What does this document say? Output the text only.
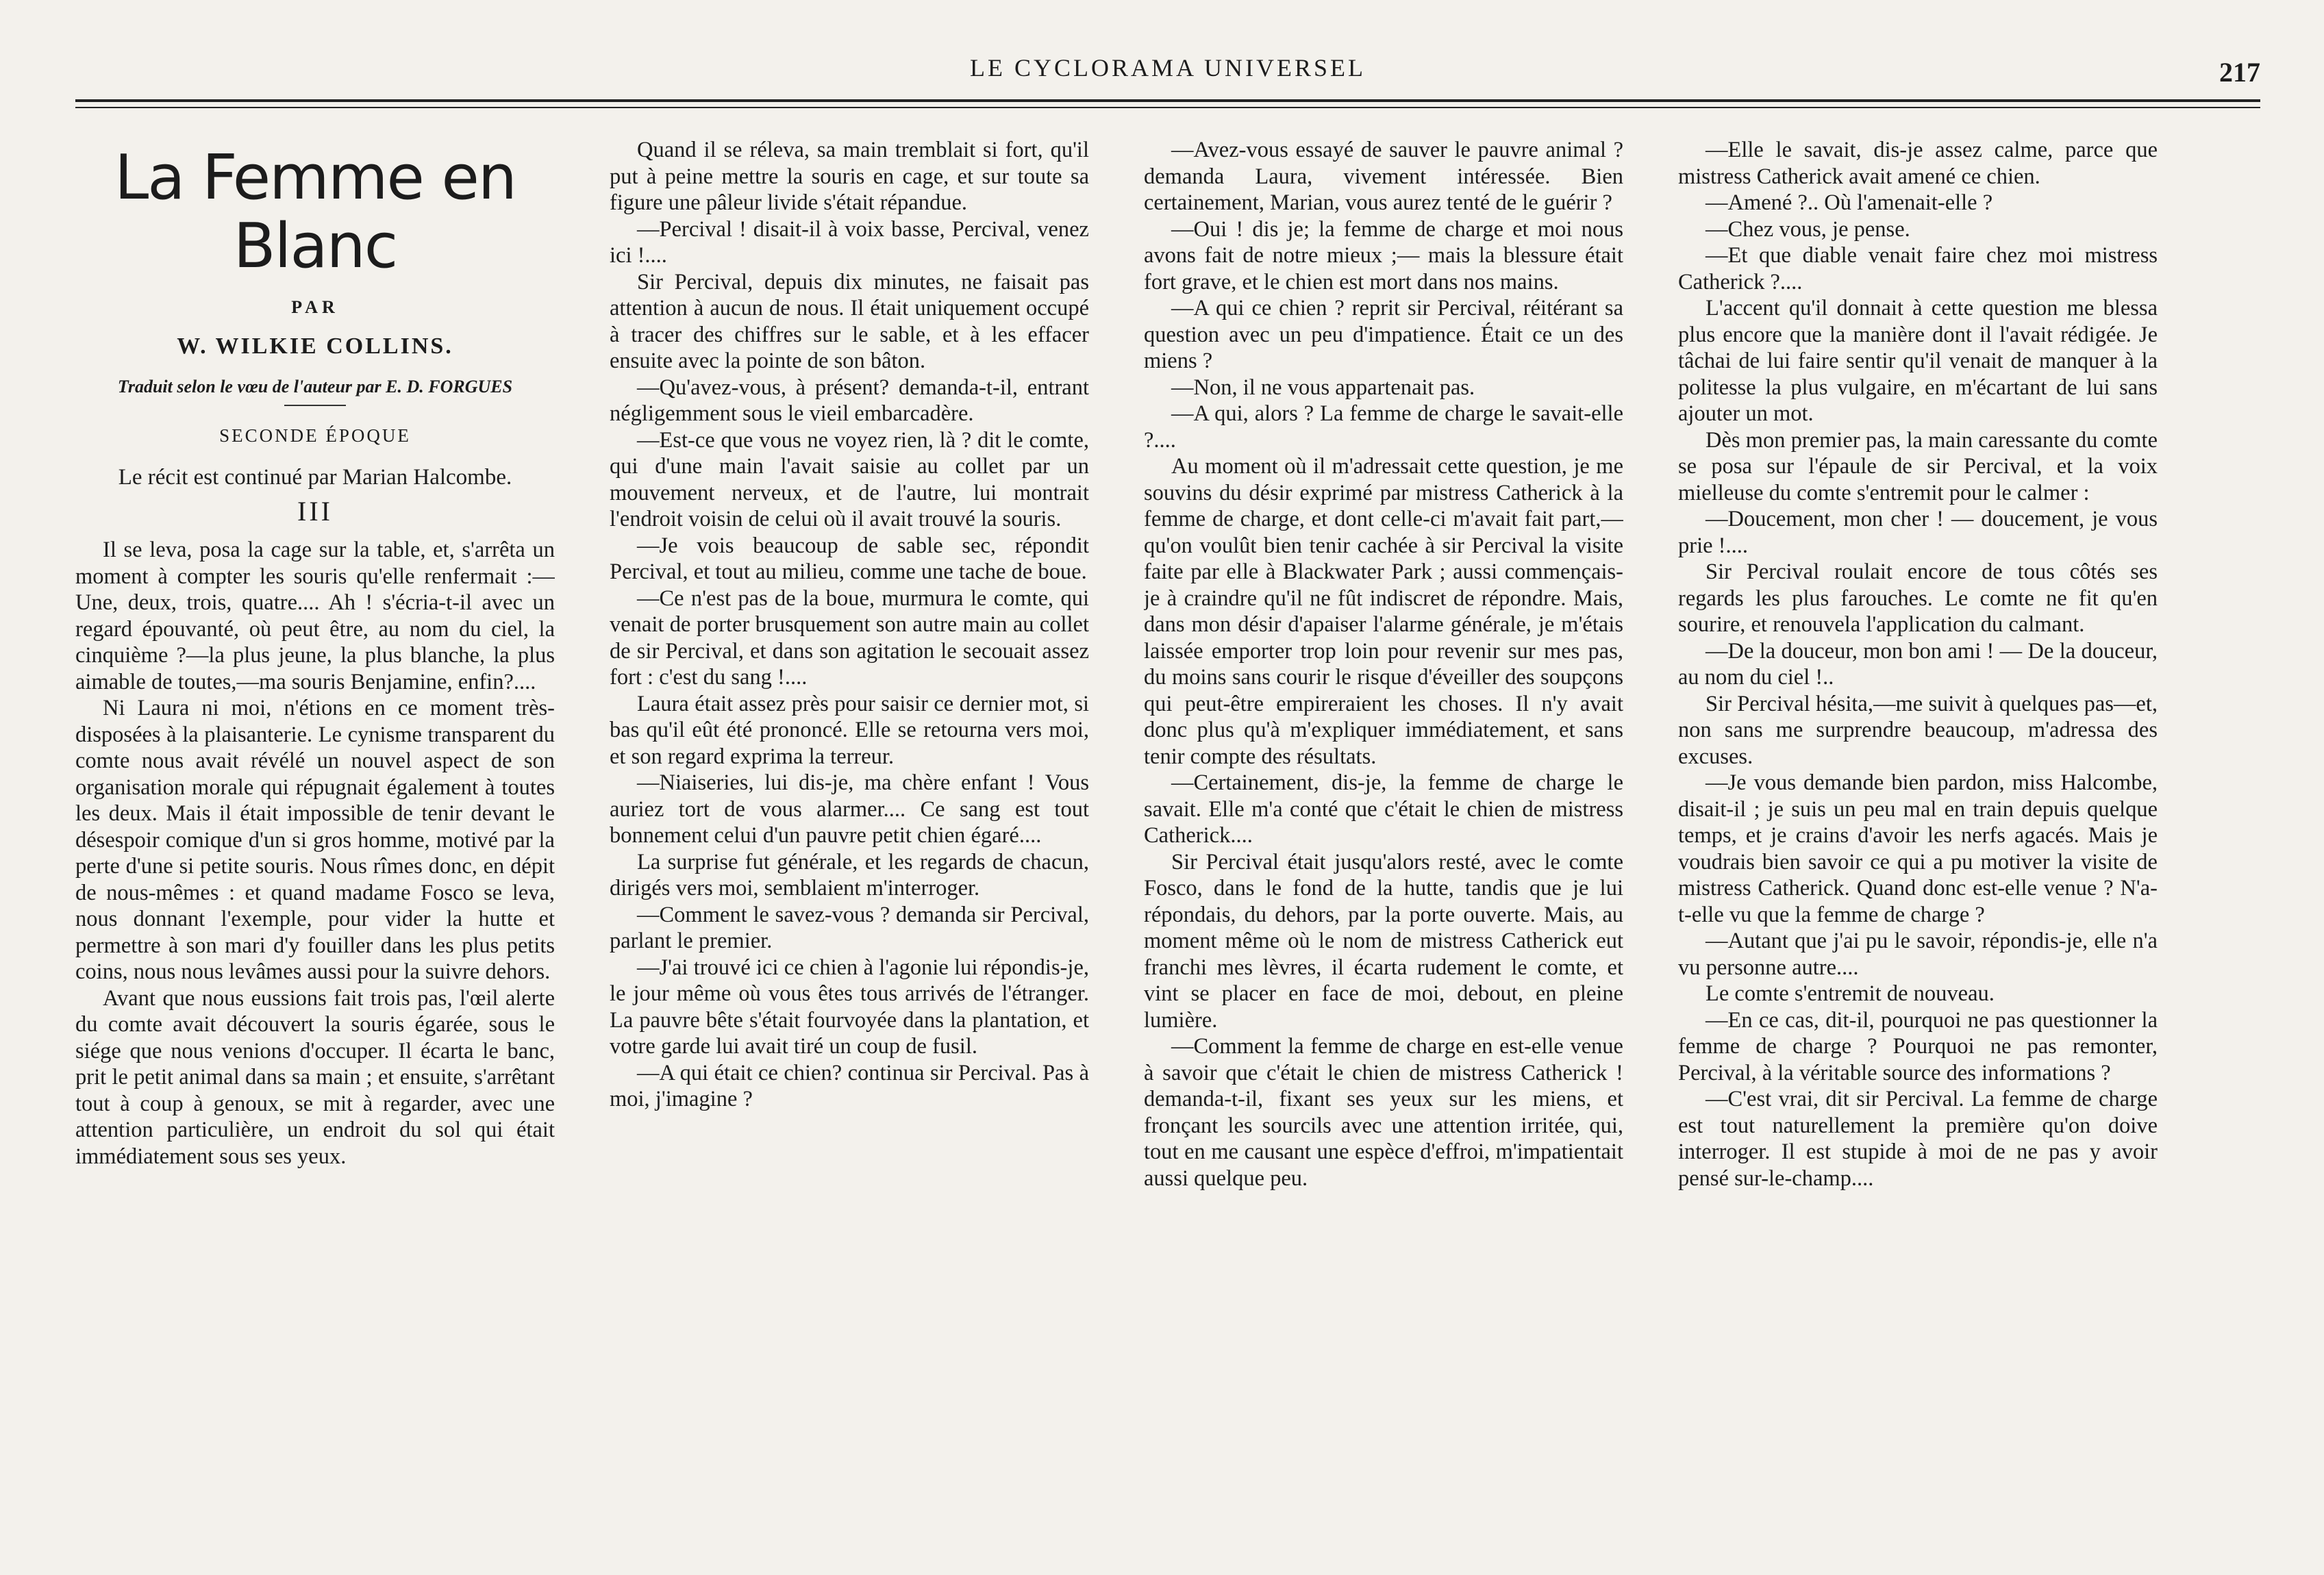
LE CYCLORAMA UNIVERSEL	217
La Femme en Blanc
PAR
W. WILKIE COLLINS.
Traduit selon le vœu de l'auteur par E. D. FORGUES
SECONDE ÉPOQUE
Le récit est continué par Marian Halcombe.
III

Il se leva, posa la cage sur la table, et, s'arrêta un moment à compter les souris qu'elle renfermait :—Une, deux, trois, quatre.... Ah ! s'écria-t-il avec un regard épouvanté, où peut être, au nom du ciel, la cinquième ?—la plus jeune, la plus blanche, la plus aimable de toutes,—ma souris Benjamine, enfin?....

Ni Laura ni moi, n'étions en ce moment très-disposées à la plaisanterie. Le cynisme transparent du comte nous avait révélé un nouvel aspect de son organisation morale qui répugnait également à toutes les deux. Mais il était impossible de tenir devant le désespoir comique d'un si gros homme, motivé par la perte d'une si petite souris. Nous rîmes donc, en dépit de nous-mêmes : et quand madame Fosco se leva, nous donnant l'exemple, pour vider la hutte et permettre à son mari d'y fouiller dans les plus petits coins, nous nous levâmes aussi pour la suivre dehors.

Avant que nous eussions fait trois pas, l'œil alerte du comte avait découvert la souris égarée, sous le siége que nous venions d'occuper. Il écarta le banc, prit le petit animal dans sa main ; et ensuite, s'arrêtant tout à coup à genoux, se mit à regarder, avec une attention particulière, un endroit du sol qui était immédiatement sous ses yeux.

Quand il se réleva, sa main tremblait si fort, qu'il put à peine mettre la souris en cage, et sur toute sa figure une pâleur livide s'était répandue.

—Percival ! disait-il à voix basse, Percival, venez ici !....

Sir Percival, depuis dix minutes, ne faisait pas attention à aucun de nous. Il était uniquement occupé à tracer des chiffres sur le sable, et à les effacer ensuite avec la pointe de son bâton.

—Qu'avez-vous, à présent? demanda-t-il, entrant négligemment sous le vieil embarcadère.

—Est-ce que vous ne voyez rien, là ? dit le comte, qui d'une main l'avait saisie au collet par un mouvement nerveux, et de l'autre, lui montrait l'endroit voisin de celui où il avait trouvé la souris.

—Je vois beaucoup de sable sec, répondit Percival, et tout au milieu, comme une tache de boue.

—Ce n'est pas de la boue, murmura le comte, qui venait de porter brusquement son autre main au collet de sir Percival, et dans son agitation le secouait assez fort : c'est du sang !....

Laura était assez près pour saisir ce dernier mot, si bas qu'il eût été prononcé. Elle se retourna vers moi, et son regard exprima la terreur.

—Niaiseries, lui dis-je, ma chère enfant ! Vous auriez tort de vous alarmer.... Ce sang est tout bonnement celui d'un pauvre petit chien égaré....

La surprise fut générale, et les regards de chacun, dirigés vers moi, semblaient m'interroger.

—Comment le savez-vous ? demanda sir Percival, parlant le premier.

—J'ai trouvé ici ce chien à l'agonie lui répondis-je, le jour même où vous êtes tous arrivés de l'étranger. La pauvre bête s'était fourvoyée dans la plantation, et votre garde lui avait tiré un coup de fusil.

—A qui était ce chien? continua sir Percival. Pas à moi, j'imagine ?

—Avez-vous essayé de sauver le pauvre animal ? demanda Laura, vivement intéressée. Bien certainement, Marian, vous aurez tenté de le guérir ?

—Oui ! dis je; la femme de charge et moi nous avons fait de notre mieux ;— mais la blessure était fort grave, et le chien est mort dans nos mains.

—A qui ce chien ? reprit sir Percival, réitérant sa question avec un peu d'impatience. Était ce un des miens ?

—Non, il ne vous appartenait pas.

—A qui, alors ? La femme de charge le savait-elle ?....

Au moment où il m'adressait cette question, je me souvins du désir exprimé par mistress Catherick à la femme de charge, et dont celle-ci m'avait fait part,— qu'on voulût bien tenir cachée à sir Percival la visite faite par elle à Blackwater Park ; aussi commençais-je à craindre qu'il ne fût indiscret de répondre. Mais, dans mon désir d'apaiser l'alarme générale, je m'étais laissée emporter trop loin pour revenir sur mes pas, du moins sans courir le risque d'éveiller des soupçons qui peut-être empireraient les choses. Il n'y avait donc plus qu'à m'expliquer immédiatement, et sans tenir compte des résultats.

—Certainement, dis-je, la femme de charge le savait. Elle m'a conté que c'était le chien de mistress Catherick....

Sir Percival était jusqu'alors resté, avec le comte Fosco, dans le fond de la hutte, tandis que je lui répondais, du dehors, par la porte ouverte. Mais, au moment même où le nom de mistress Catherick eut franchi mes lèvres, il écarta rudement le comte, et vint se placer en face de moi, debout, en pleine lumière.

—Comment la femme de charge en est-elle venue à savoir que c'était le chien de mistress Catherick ! demanda-t-il, fixant ses yeux sur les miens, et fronçant les sourcils avec une attention irritée, qui, tout en me causant une espèce d'effroi, m'impatientait aussi quelque peu.

—Elle le savait, dis-je assez calme, parce que mistress Catherick avait amené ce chien.

—Amené ?.. Où l'amenait-elle ?

—Chez vous, je pense.

—Et que diable venait faire chez moi mistress Catherick ?....

L'accent qu'il donnait à cette question me blessa plus encore que la manière dont il l'avait rédigée. Je tâchai de lui faire sentir qu'il venait de manquer à la politesse la plus vulgaire, en m'écartant de lui sans ajouter un mot.

Dès mon premier pas, la main caressante du comte se posa sur l'épaule de sir Percival, et la voix mielleuse du comte s'entremit pour le calmer :

—Doucement, mon cher ! — doucement, je vous prie !....

Sir Percival roulait encore de tous côtés ses regards les plus farouches. Le comte ne fit qu'en sourire, et renouvela l'application du calmant.

—De la douceur, mon bon ami ! — De la douceur, au nom du ciel !..

Sir Percival hésita,—me suivit à quelques pas—et, non sans me surprendre beaucoup, m'adressa des excuses.

—Je vous demande bien pardon, miss Halcombe, disait-il ; je suis un peu mal en train depuis quelque temps, et je crains d'avoir les nerfs agacés. Mais je voudrais bien savoir ce qui a pu motiver la visite de mistress Catherick. Quand donc est-elle venue ? N'a-t-elle vu que la femme de charge ?

—Autant que j'ai pu le savoir, répondis-je, elle n'a vu personne autre....

Le comte s'entremit de nouveau.

—En ce cas, dit-il, pourquoi ne pas questionner la femme de charge ? Pourquoi ne pas remonter, Percival, à la véritable source des informations ?

—C'est vrai, dit sir Percival. La femme de charge est tout naturellement la première qu'on doive interroger. Il est stupide à moi de ne pas y avoir pensé sur-le-champ....
